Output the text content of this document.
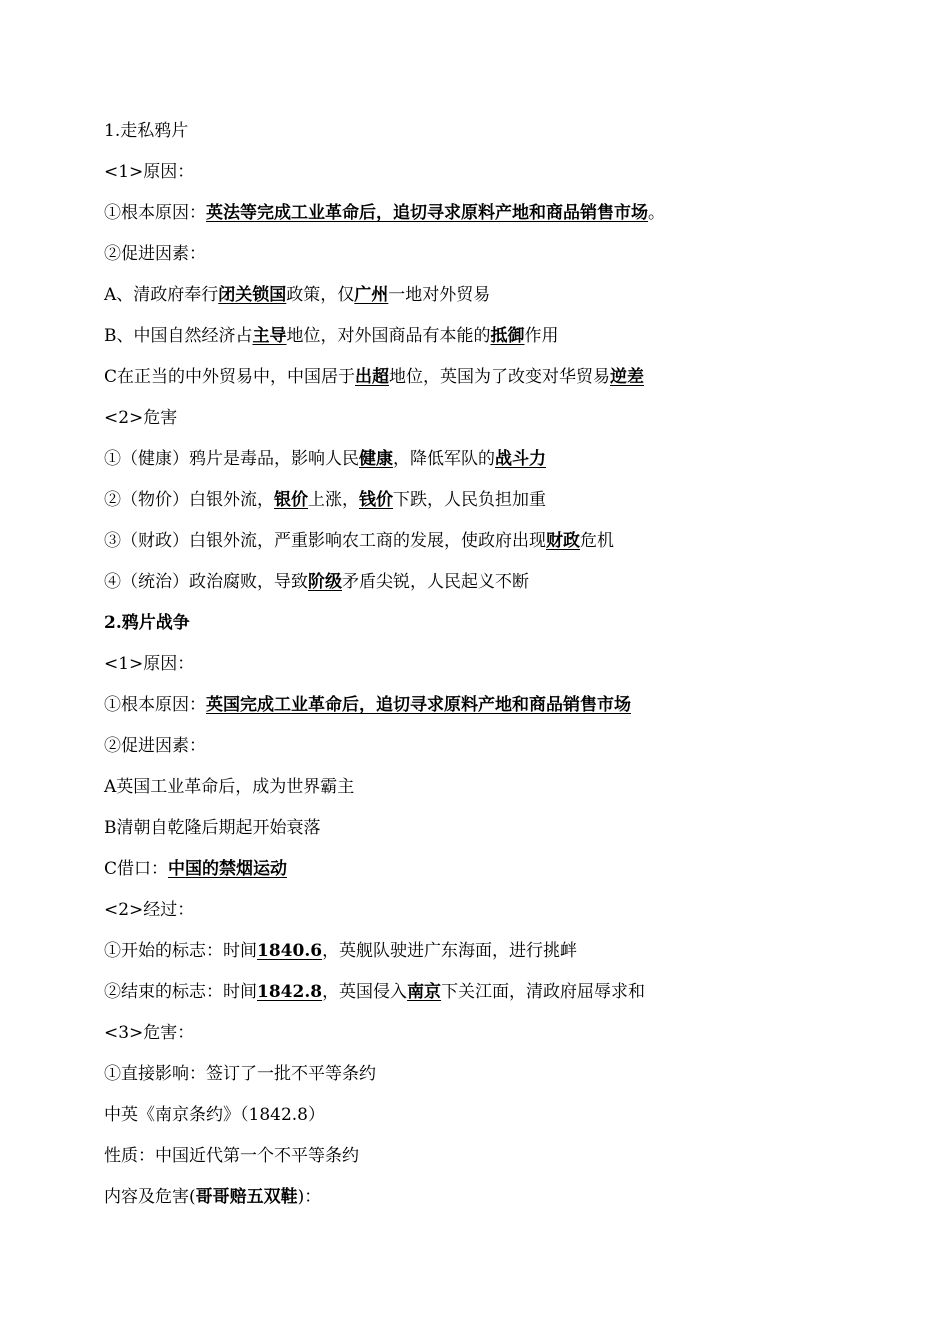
1.走私鸦片
<1>原因：
①根本原因：英法等完成工业革命后，追切寻求原料产地和商品销售市场。
②促进因素：
A、清政府奉行闭关锁国政策，仅广州一地对外贸易
B、中国自然经济占主导地位，对外国商品有本能的抵御作用
C在正当的中外贸易中，中国居于出超地位，英国为了改变对华贸易逆差
<2>危害
①（健康）鸦片是毒品，影响人民健康，降低军队的战斗力
②（物价）白银外流，银价上涨，钱价下跌，人民负担加重
③（财政）白银外流，严重影响农工商的发展，使政府出现财政危机
④（统治）政治腐败，导致阶级矛盾尖锐，人民起义不断
2.鸦片战争
<1>原因：
①根本原因：英国完成工业革命后，追切寻求原料产地和商品销售市场
②促进因素：
A英国工业革命后，成为世界霸主
B清朝自乾隆后期起开始衰落
C借口：中国的禁烟运动
<2>经过：
①开始的标志：时间1840.6，英舰队驶进广东海面，进行挑衅
②结束的标志：时间1842.8，英国侵入南京下关江面，清政府屈辱求和
<3>危害：
①直接影响：签订了一批不平等条约
中英《南京条约》（1842.8）
性质：中国近代第一个不平等条约
内容及危害(哥哥赔五双鞋)：
